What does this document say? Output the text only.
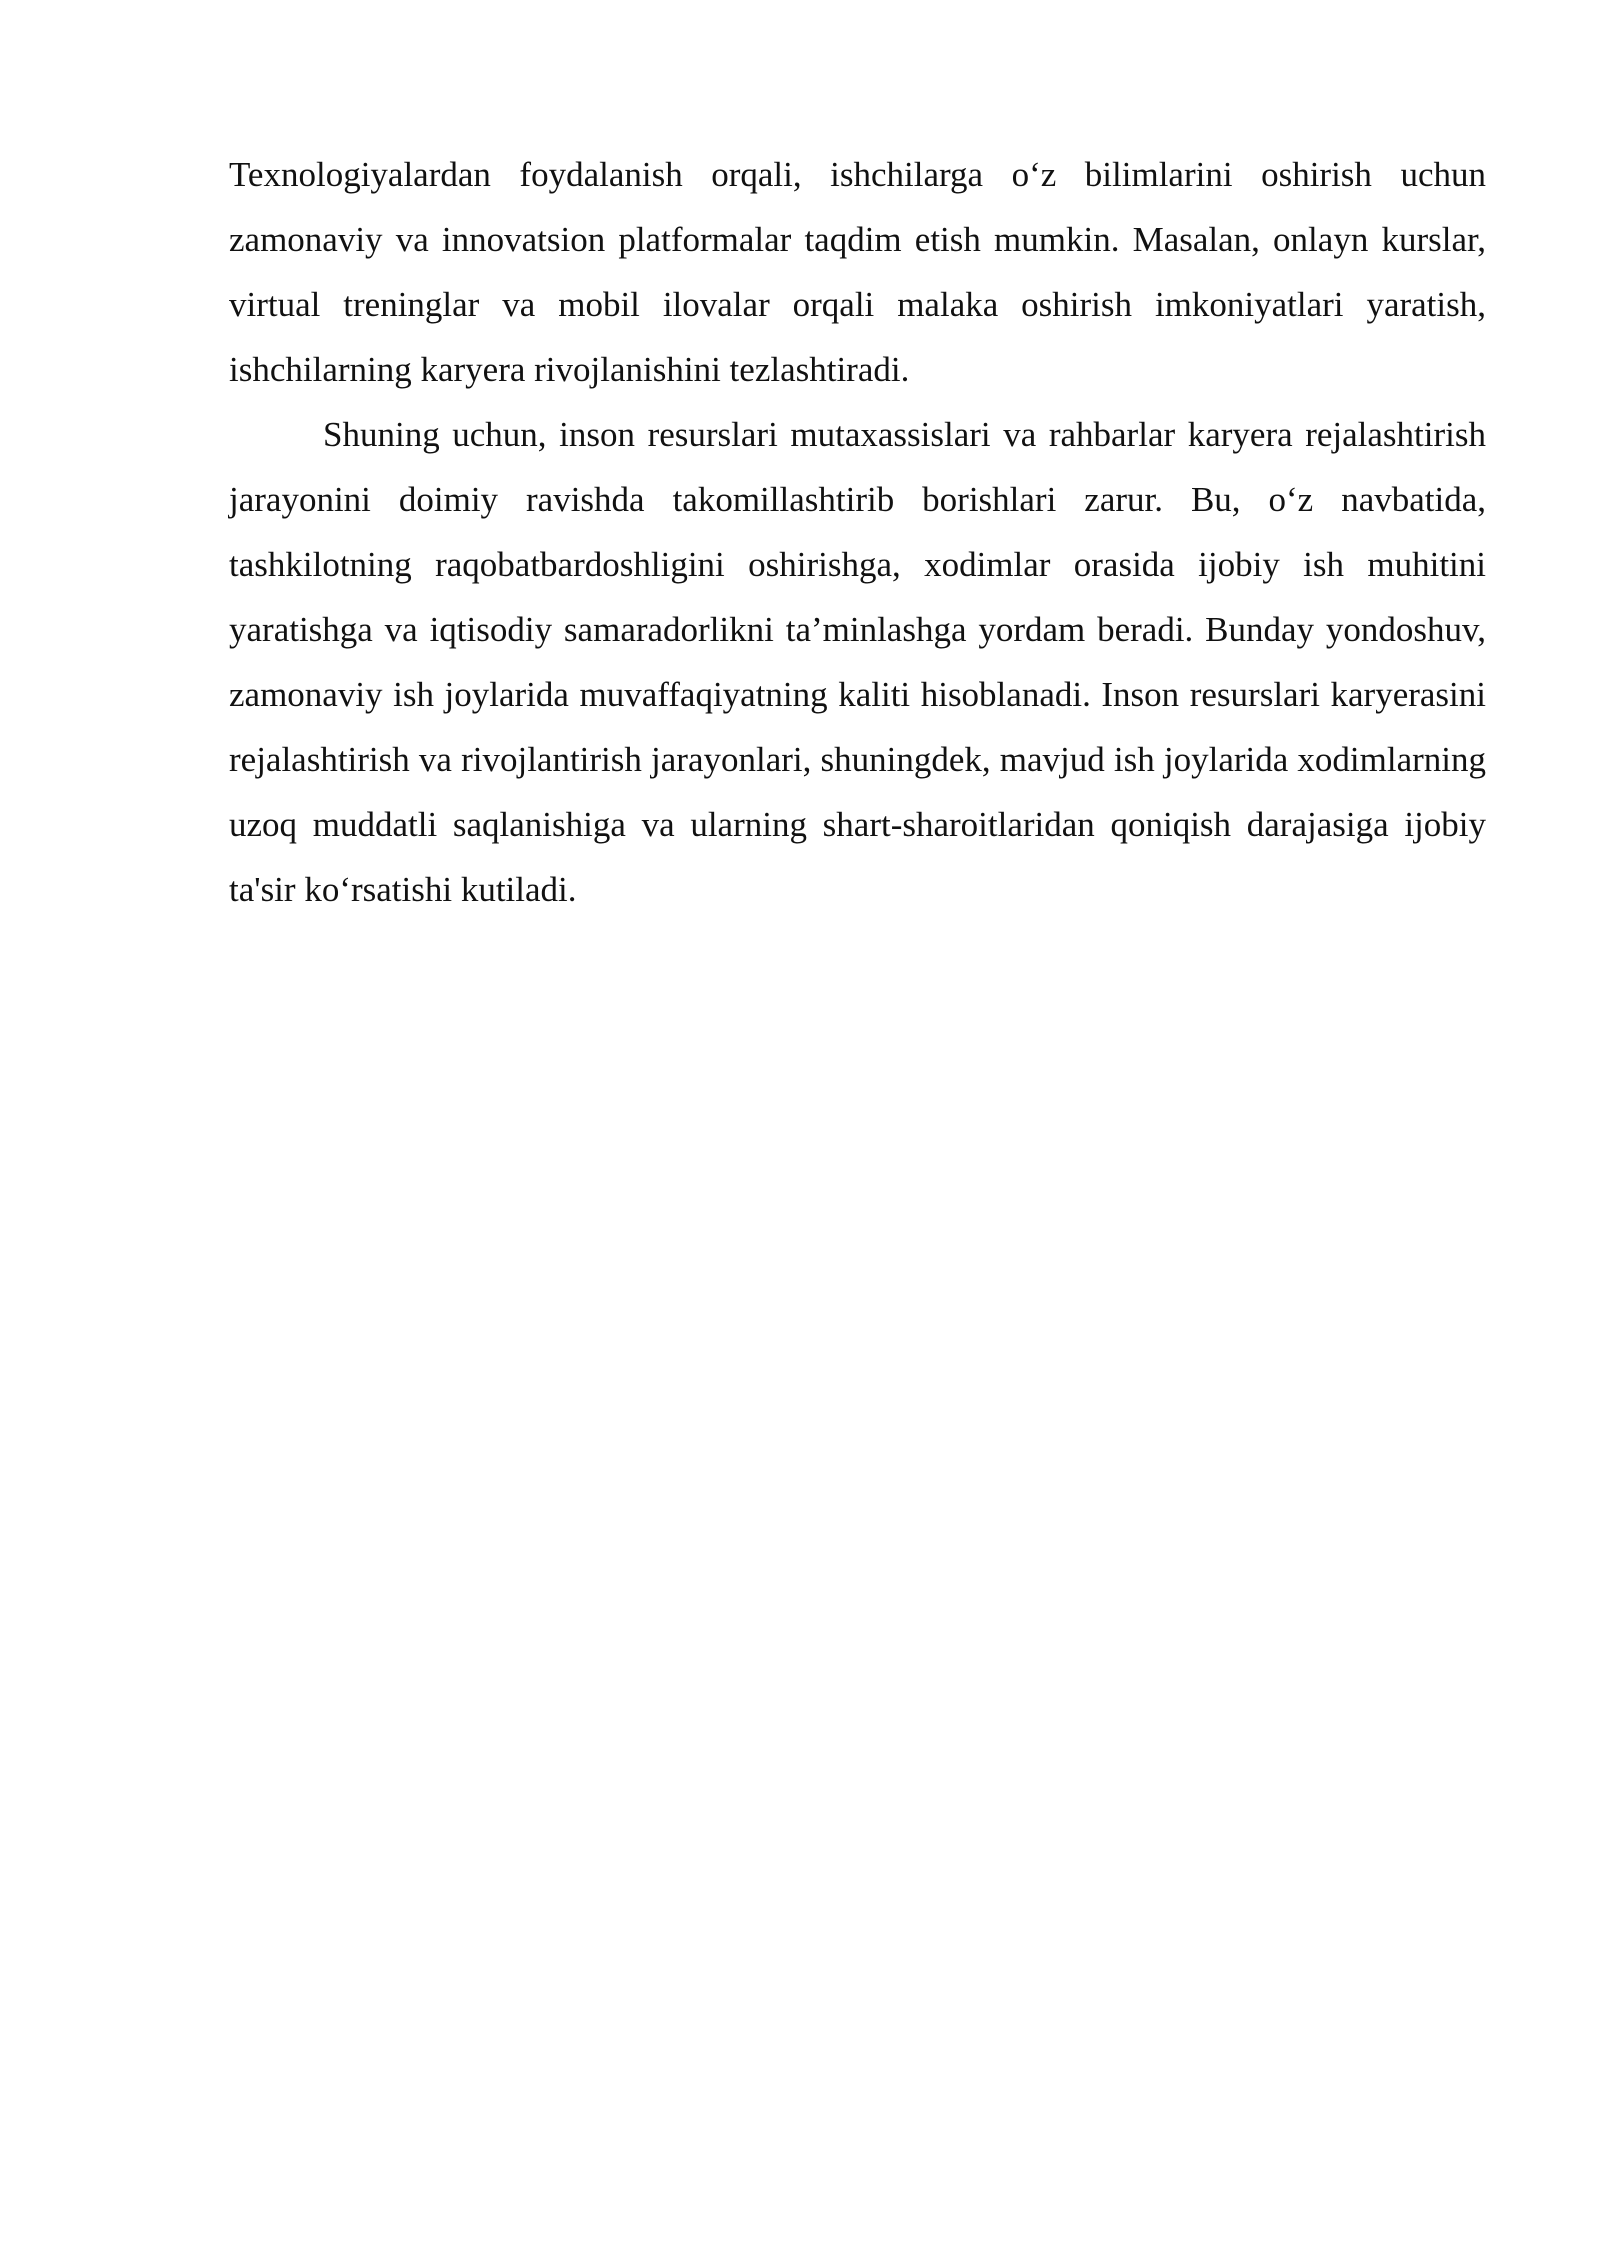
Texnologiyalardan foydalanish orqali, ishchilarga o‘z bilimlarini oshirish uchun zamonaviy va innovatsion platformalar taqdim etish mumkin. Masalan, onlayn kurslar, virtual treninglar va mobil ilovalar orqali malaka oshirish imkoniyatlari yaratish, ishchilarning karyera rivojlanishini tezlashtiradi.

Shuning uchun, inson resurslari mutaxassislari va rahbarlar karyera rejalashtirish jarayonini doimiy ravishda takomillashtirib borishlari zarur. Bu, o‘z navbatida, tashkilotning raqobatbardoshligini oshirishga, xodimlar orasida ijobiy ish muhitini yaratishga va iqtisodiy samaradorlikni ta’minlashga yordam beradi. Bunday yondoshuv, zamonaviy ish joylarida muvaffaqiyatning kaliti hisoblanadi. Inson resurslari karyerasini rejalashtirish va rivojlantirish jarayonlari, shuningdek, mavjud ish joylarida xodimlarning uzoq muddatli saqlanishiga va ularning shart-sharoitlaridan qoniqish darajasiga ijobiy ta'sir ko‘rsatishi kutiladi.
